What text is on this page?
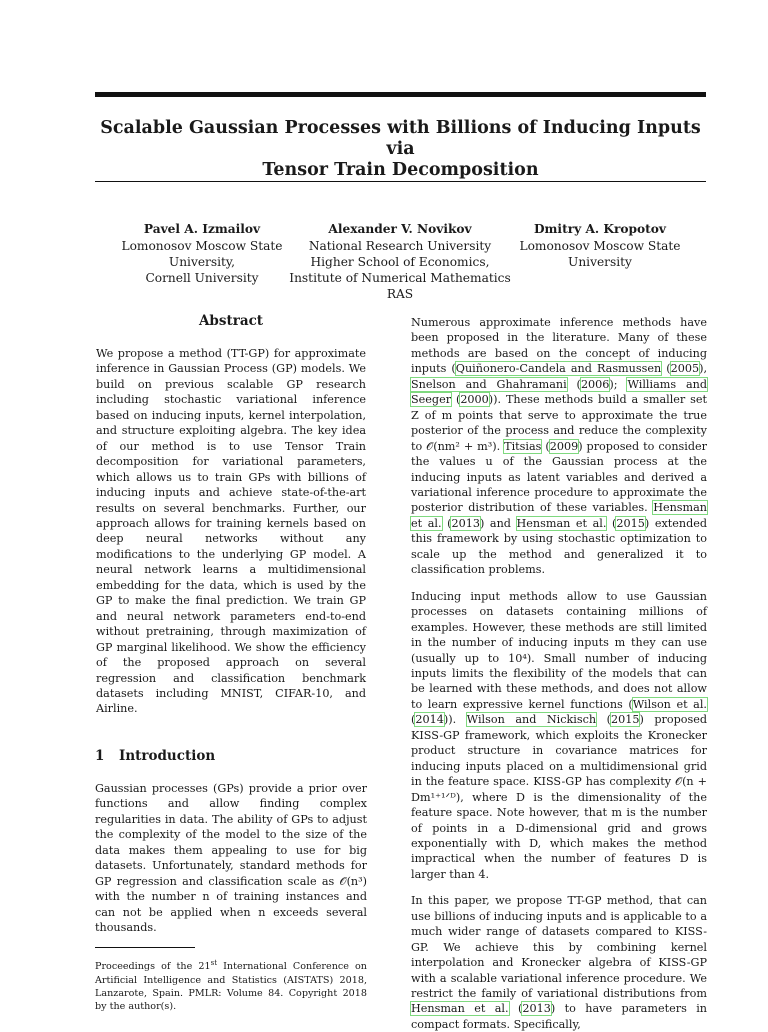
Scalable Gaussian Processes with Billions of Inducing Inputs via
Tensor Train Decomposition
Pavel A. Izmailov
Lomonosov Moscow State
University,
Cornell University
Alexander V. Novikov
National Research University
Higher School of Economics,
Institute of Numerical Mathematics RAS
Dmitry A. Kropotov
Lomonosov Moscow State
University
Abstract

We propose a method (TT-GP) for approximate inference in Gaussian Process (GP) models. We build on previous scalable GP research including stochastic variational inference based on inducing inputs, kernel interpolation, and structure exploiting algebra. The key idea of our method is to use Tensor Train decomposition for variational parameters, which allows us to train GPs with billions of inducing inputs and achieve state-of-the-art results on several benchmarks. Further, our approach allows for training kernels based on deep neural networks without any modifications to the underlying GP model. A neural network learns a multidimensional embedding for the data, which is used by the GP to make the final prediction. We train GP and neural network parameters end-to-end without pretraining, through maximization of GP marginal likelihood. We show the efficiency of the proposed approach on several regression and classification benchmark datasets including MNIST, CIFAR-10, and Airline.

1 Introduction

Gaussian processes (GPs) provide a prior over functions and allow finding complex regularities in data. The ability of GPs to adjust the complexity of the model to the size of the data makes them appealing to use for big datasets. Unfortunately, standard methods for GP regression and classification scale as 𝒪(n³) with the number n of training instances and can not be applied when n exceeds several thousands.

Proceedings of the 21st International Conference on Artificial Intelligence and Statistics (AISTATS) 2018, Lanzarote, Spain. PMLR: Volume 84. Copyright 2018 by the author(s).

Numerous approximate inference methods have been proposed in the literature. Many of these methods are based on the concept of inducing inputs (Quiñonero-Candela and Rasmussen (2005), Snelson and Ghahramani (2006); Williams and Seeger (2000)). These methods build a smaller set Z of m points that serve to approximate the true posterior of the process and reduce the complexity to 𝒪(nm² + m³). Titsias (2009) proposed to consider the values u of the Gaussian process at the inducing inputs as latent variables and derived a variational inference procedure to approximate the posterior distribution of these variables. Hensman et al. (2013) and Hensman et al. (2015) extended this framework by using stochastic optimization to scale up the method and generalized it to classification problems.

Inducing input methods allow to use Gaussian processes on datasets containing millions of examples. However, these methods are still limited in the number of inducing inputs m they can use (usually up to 10⁴). Small number of inducing inputs limits the flexibility of the models that can be learned with these methods, and does not allow to learn expressive kernel functions (Wilson et al. (2014)). Wilson and Nickisch (2015) proposed KISS-GP framework, which exploits the Kronecker product structure in covariance matrices for inducing inputs placed on a multidimensional grid in the feature space. KISS-GP has complexity 𝒪(n + Dm¹⁺¹ᐟᴰ), where D is the dimensionality of the feature space. Note however, that m is the number of points in a D-dimensional grid and grows exponentially with D, which makes the method impractical when the number of features D is larger than 4.

In this paper, we propose TT-GP method, that can use billions of inducing inputs and is applicable to a much wider range of datasets compared to KISS-GP. We achieve this by combining kernel interpolation and Kronecker algebra of KISS-GP with a scalable variational inference procedure. We restrict the family of variational distributions from Hensman et al. (2013) to have parameters in compact formats. Specifically,
